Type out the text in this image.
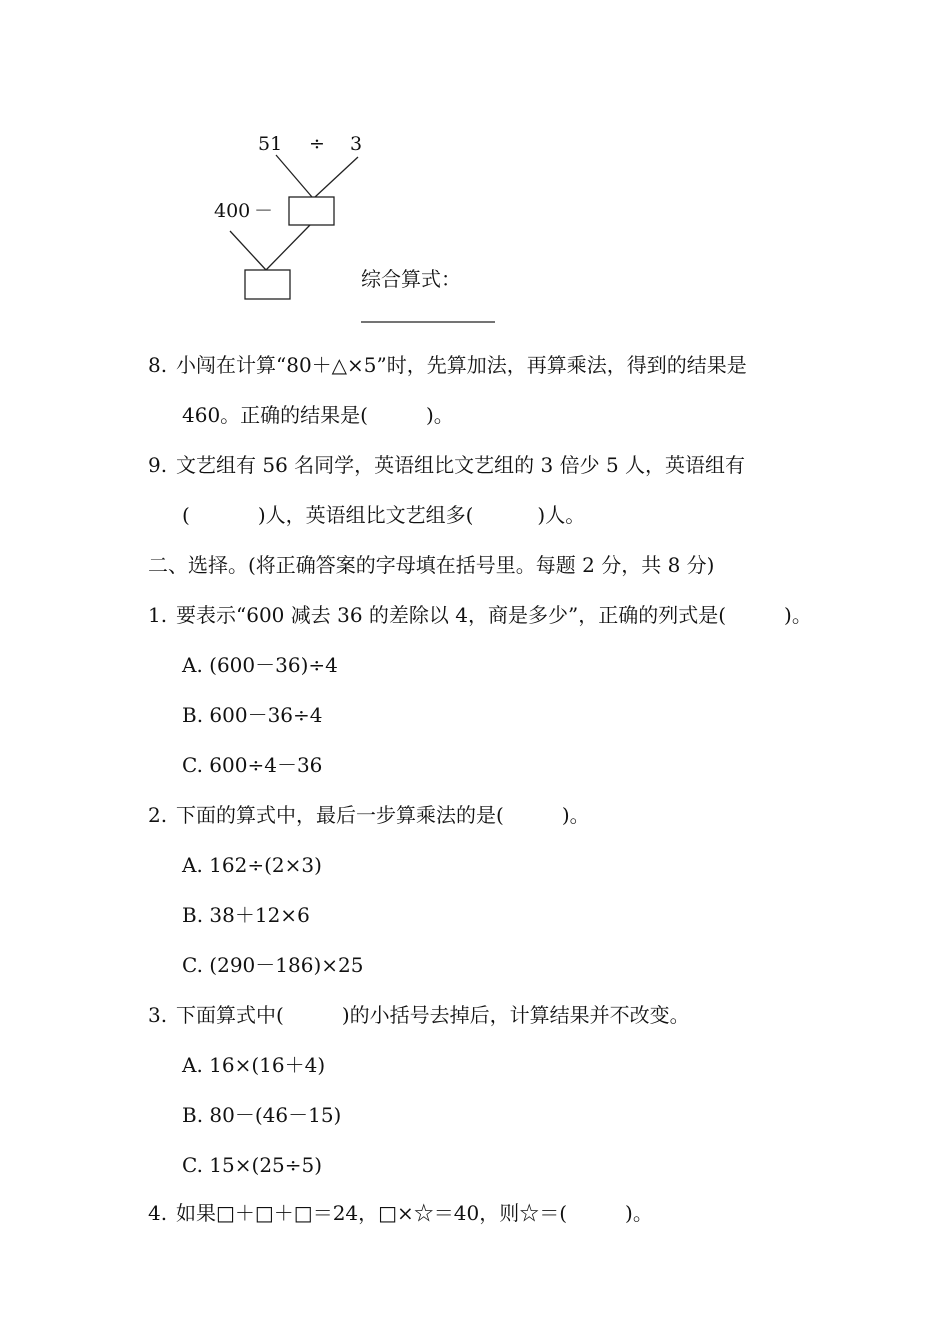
51 ÷ 3
400 －
综合算式：
8. 小闯在计算“80＋△×5”时，先算加法，再算乘法，得到的结果是
460。正确的结果是(	)。
9. 文艺组有 56 名同学，英语组比文艺组的 3 倍少 5 人，英语组有
(	)人，英语组比文艺组多(	)人。
二、选择。(将正确答案的字母填在括号里。每题 2 分，共 8 分)
1. 要表示“600 减去 36 的差除以 4，商是多少”，正确的列式是(	)。
A. (600－36)÷4
B. 600－36÷4
C. 600÷4－36
2. 下面的算式中，最后一步算乘法的是(	)。
A. 162÷(2×3)
B. 38＋12×6
C. (290－186)×25
3. 下面算式中(	)的小括号去掉后，计算结果并不改变。
A. 16×(16＋4)
B. 80－(46－15)
C. 15×(25÷5)
4. 如果□＋□＋□＝24，□×☆＝40，则☆＝(	)。
